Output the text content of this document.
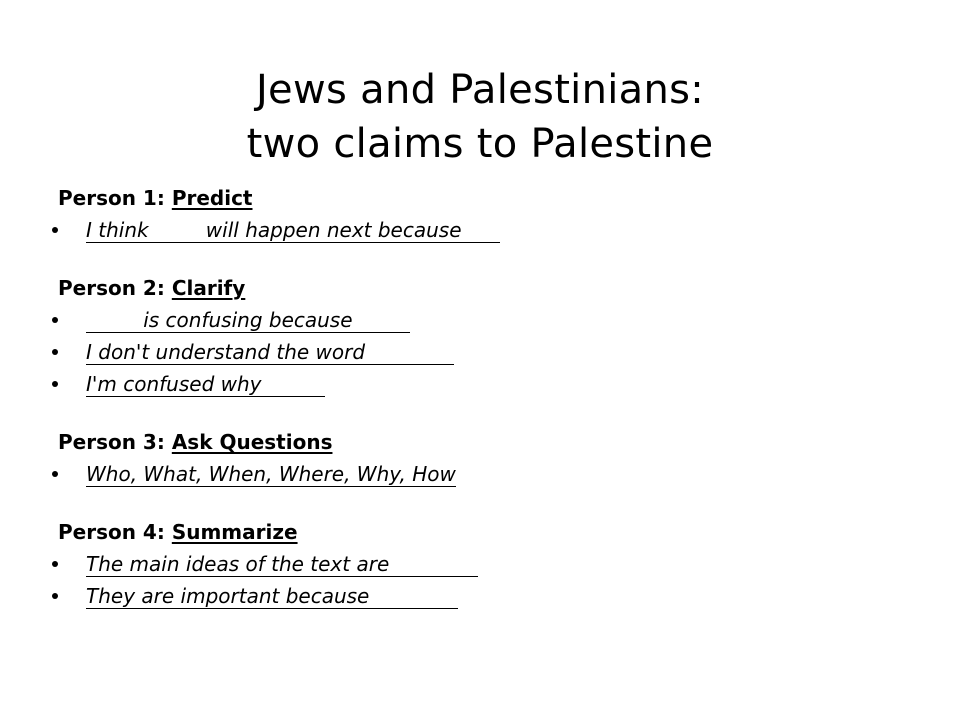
Jews and Palestinians:
two claims to Palestine

Person 1: Predict

I think         will happen next because

Person 2: Clarify

is confusing because
I don't understand the word
I'm confused why

Person 3: Ask Questions

Who, What, When, Where, Why, How

Person 4: Summarize

The main ideas of the text are
They are important because
